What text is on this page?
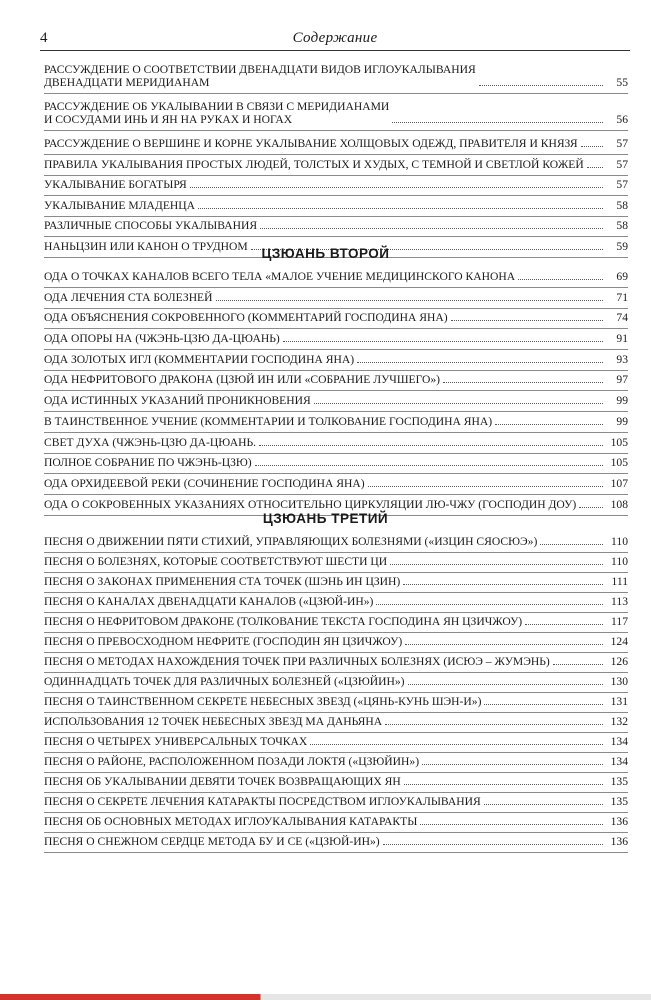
4	Содержание
РАССУЖДЕНИЕ О СООТВЕТСТВИИ ДВЕНАДЦАТИ ВИДОВ ИГЛОУКАЛЫВАНИЯ
ДВЕНАДЦАТИ МЕРИДИАНАМ	55
РАССУЖДЕНИЕ ОБ УКАЛЫВАНИИ В СВЯЗИ С МЕРИДИАНАМИ
И СОСУДАМИ ИНЬ И ЯН НА РУКАХ И НОГАХ	56
РАССУЖДЕНИЕ О ВЕРШИНЕ И КОРНЕ УКАЛЫВАНИЕ ХОЛЩОВЫХ ОДЕЖД, ПРАВИТЕЛЯ И КНЯЗЯ	57
ПРАВИЛА УКАЛЫВАНИЯ ПРОСТЫХ ЛЮДЕЙ, ТОЛСТЫХ И ХУДЫХ, С ТЕМНОЙ И СВЕТЛОЙ КОЖЕЙ	57
УКАЛЫВАНИЕ БОГАТЫРЯ	57
УКАЛЫВАНИЕ МЛАДЕНЦА	58
РАЗЛИЧНЫЕ СПОСОБЫ УКАЛЫВАНИЯ	58
НАНЬЦЗИН ИЛИ КАНОН О ТРУДНОМ	59
ОДА О ТОЧКАХ КАНАЛОВ ВСЕГО ТЕЛА «МАЛОЕ УЧЕНИЕ МЕДИЦИНСКОГО КАНОНА	69
ОДА ЛЕЧЕНИЯ СТА БОЛЕЗНЕЙ	71
ОДА ОБЪЯСНЕНИЯ СОКРОВЕННОГО (КОММЕНТАРИЙ ГОСПОДИНА ЯНА)	74
ОДА ОПОРЫ НА (ЧЖЭНЬ-ЦЗЮ ДА-ЦЮАНЬ)	91
ОДА ЗОЛОТЫХ ИГЛ (КОММЕНТАРИИ ГОСПОДИНА ЯНА)	93
ОДА НЕФРИТОВОГО ДРАКОНА (ЦЗЮЙ ИН ИЛИ «СОБРАНИЕ ЛУЧШЕГО»)	97
ОДА ИСТИННЫХ УКАЗАНИЙ ПРОНИКНОВЕНИЯ	99
В ТАИНСТВЕННОЕ УЧЕНИЕ (КОММЕНТАРИИ И ТОЛКОВАНИЕ ГОСПОДИНА ЯНА)	99
СВЕТ ДУХА (ЧЖЭНЬ-ЦЗЮ ДА-ЦЮАНЬ.	105
ПОЛНОЕ СОБРАНИЕ ПО ЧЖЭНЬ-ЦЗЮ)	105
ОДА ОРХИДЕЕВОЙ РЕКИ (СОЧИНЕНИЕ ГОСПОДИНА ЯНА)	107
ОДА О СОКРОВЕННЫХ УКАЗАНИЯХ ОТНОСИТЕЛЬНО ЦИРКУЛЯЦИИ ЛЮ-ЧЖУ (ГОСПОДИН ДОУ)	108
ПЕСНЯ О ДВИЖЕНИИ ПЯТИ СТИХИЙ, УПРАВЛЯЮЩИХ БОЛЕЗНЯМИ («ИЗЦИН СЯОСЮЭ»)	110
ПЕСНЯ О БОЛЕЗНЯХ, КОТОРЫЕ СООТВЕТСТВУЮТ ШЕСТИ ЦИ	110
ПЕСНЯ О ЗАКОНАХ ПРИМЕНЕНИЯ СТА ТОЧЕК (ШЭНЬ ИН ЦЗИН)	111
ПЕСНЯ О КАНАЛАХ ДВЕНАДЦАТИ КАНАЛОВ («ЦЗЮЙ-ИН»)	113
ПЕСНЯ О НЕФРИТОВОМ ДРАКОНЕ (ТОЛКОВАНИЕ ТЕКСТА ГОСПОДИНА ЯН ЦЗИЧЖОУ)	117
ПЕСНЯ О ПРЕВОСХОДНОМ НЕФРИТЕ (ГОСПОДИН ЯН ЦЗИЧЖОУ)	124
ПЕСНЯ О МЕТОДАХ НАХОЖДЕНИЯ ТОЧЕК ПРИ РАЗЛИЧНЫХ БОЛЕЗНЯХ (ИСЮЭ – ЖУМЭНЬ)	126
ОДИННАДЦАТЬ ТОЧЕК ДЛЯ РАЗЛИЧНЫХ БОЛЕЗНЕЙ («ЦЗЮЙИН»)	130
ПЕСНЯ О ТАИНСТВЕННОМ СЕКРЕТЕ НЕБЕСНЫХ ЗВЕЗД («ЦЯНЬ-КУНЬ ШЭН-И»)	131
ИСПОЛЬЗОВАНИЯ 12 ТОЧЕК НЕБЕСНЫХ ЗВЕЗД МА ДАНЬЯНА	132
ПЕСНЯ О ЧЕТЫРЕХ УНИВЕРСАЛЬНЫХ ТОЧКАХ	134
ПЕСНЯ О РАЙОНЕ, РАСПОЛОЖЕННОМ ПОЗАДИ ЛОКТЯ («ЦЗЮЙИН»)	134
ПЕСНЯ ОБ УКАЛЫВАНИИ ДЕВЯТИ ТОЧЕК ВОЗВРАЩАЮЩИХ ЯН	135
ПЕСНЯ О СЕКРЕТЕ ЛЕЧЕНИЯ КАТАРАКТЫ ПОСРЕДСТВОМ ИГЛОУКАЛЫВАНИЯ	135
ПЕСНЯ ОБ ОСНОВНЫХ МЕТОДАХ ИГЛОУКАЛЫВАНИЯ КАТАРАКТЫ	136
ПЕСНЯ О СНЕЖНОМ СЕРДЦЕ МЕТОДА БУ И СЕ («ЦЗЮЙ-ИН»)	136
ЦЗЮАНЬ ВТОРОЙ
ЦЗЮАНЬ ТРЕТИЙ
